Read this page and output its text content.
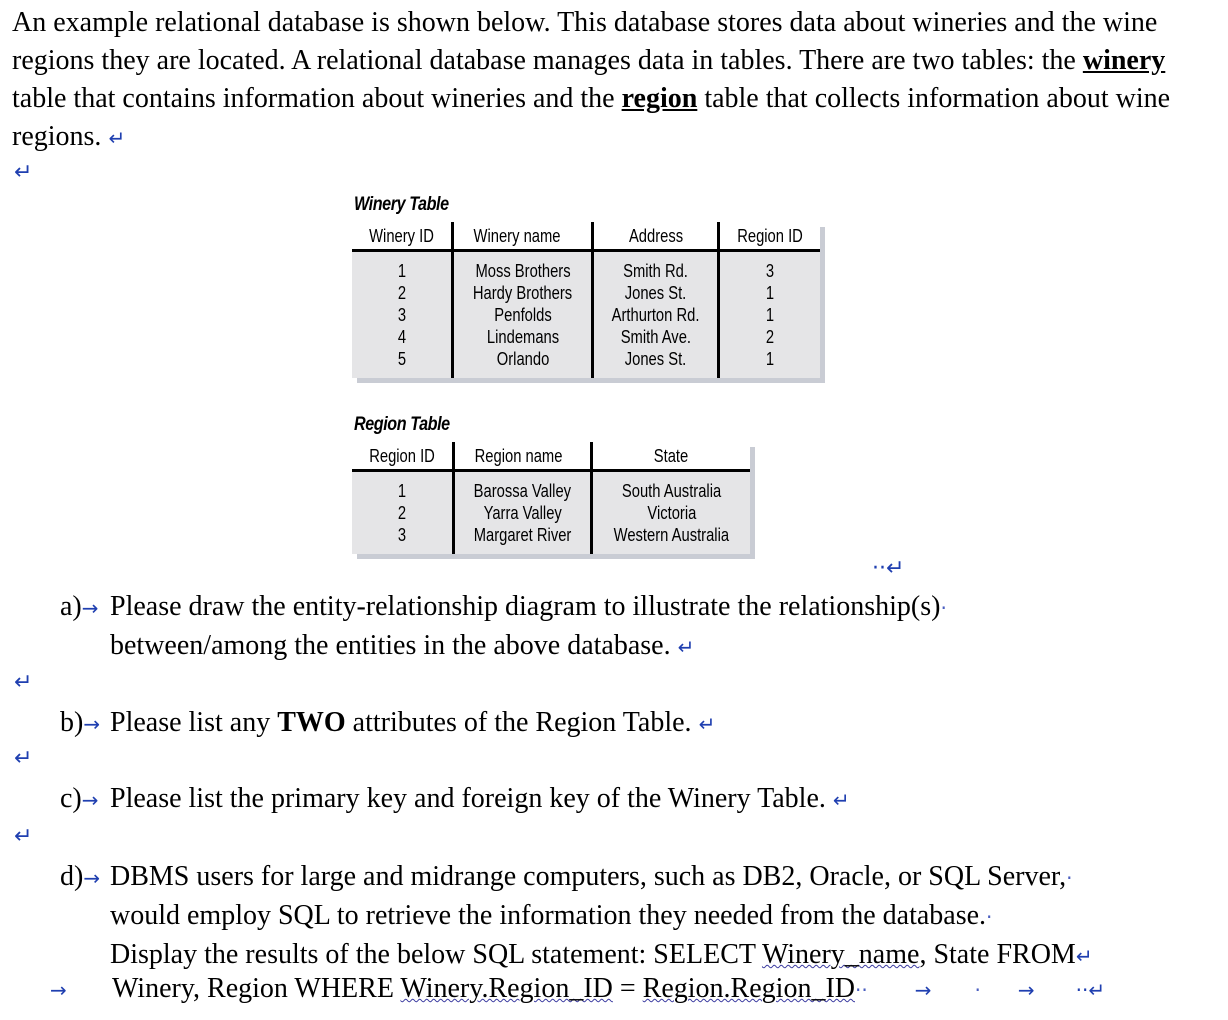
An example relational database is shown below. This database stores data about wineries and the wine regions they are located. A relational database manages data in tables. There are two tables: the winery table that contains information about wineries and the region table that collects information about wine regions. ↵

↵
Winery Table
Winery ID	Winery name	Address	Region ID
1	Moss Brothers	Smith Rd.	3
2	Hardy Brothers	Jones St.	1
3	Penfolds	Arthurton Rd.	1
4	Lindemans	Smith Ave.	2
5	Orlando	Jones St.	1
Region Table
Region ID	Region name	State
1	Barossa Valley	South Australia
2	Yarra Valley	Victoria
3	Margaret River	Western Australia
··↵
a)→ Please draw the entity-relationship diagram to illustrate the relationship(s)·
between/among the entities in the above database. ↵
↵
b)→ Please list any TWO attributes of the Region Table. ↵
↵
c)→ Please list the primary key and foreign key of the Winery Table. ↵
↵
d)→ DBMS users for large and midrange computers, such as DB2, Oracle, or SQL Server,·
would employ SQL to retrieve the information they needed from the database.·
Display the results of the below SQL statement: SELECT Winery_name, State FROM↵
→ Winery, Region WHERE Winery.Region_ID = Region.Region_ID·· → · → ··↵
